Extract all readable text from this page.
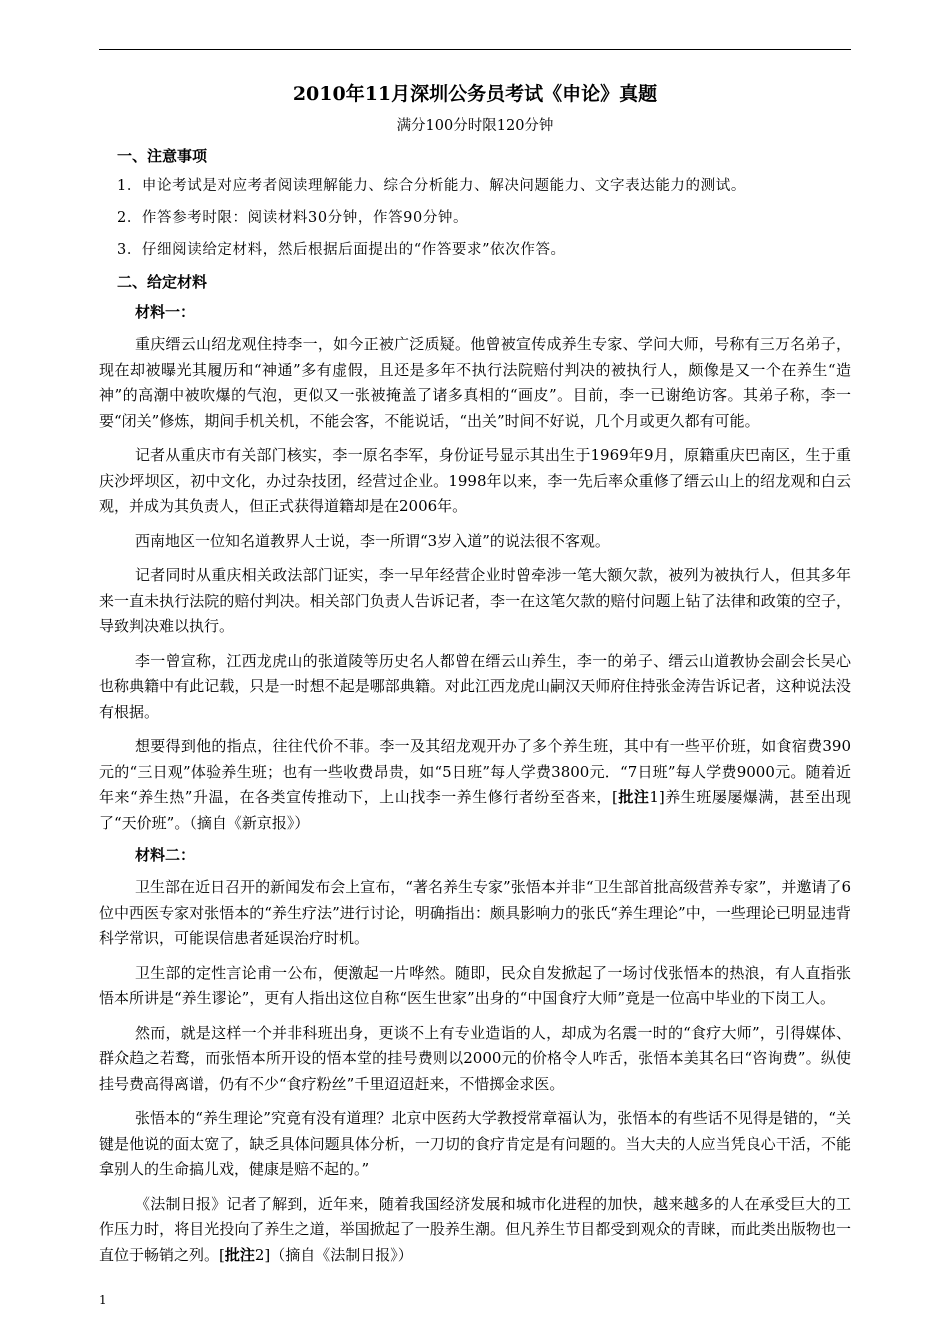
2010年11月深圳公务员考试《申论》真题
满分100分时限120分钟
一、注意事项
1．申论考试是对应考者阅读理解能力、综合分析能力、解决问题能力、文字表达能力的测试。
2．作答参考时限：阅读材料30分钟，作答90分钟。
3．仔细阅读给定材料，然后根据后面提出的“作答要求”依次作答。
二、给定材料
材料一：

重庆缙云山绍龙观住持李一，如今正被广泛质疑。他曾被宣传成养生专家、学问大师，号称有三万名弟子，现在却被曝光其履历和“神通”多有虚假，且还是多年不执行法院赔付判决的被执行人，颇像是又一个在养生“造神”的高潮中被吹爆的气泡，更似又一张被掩盖了诸多真相的“画皮”。目前，李一已谢绝访客。其弟子称，李一要“闭关”修炼，期间手机关机，不能会客，不能说话，“出关”时间不好说，几个月或更久都有可能。

记者从重庆市有关部门核实，李一原名李军，身份证号显示其出生于1969年9月，原籍重庆巴南区，生于重庆沙坪坝区，初中文化，办过杂技团，经营过企业。1998年以来，李一先后率众重修了缙云山上的绍龙观和白云观，并成为其负责人，但正式获得道籍却是在2006年。

西南地区一位知名道教界人士说，李一所谓“3岁入道”的说法很不客观。

记者同时从重庆相关政法部门证实，李一早年经营企业时曾牵涉一笔大额欠款，被列为被执行人，但其多年来一直未执行法院的赔付判决。相关部门负责人告诉记者，李一在这笔欠款的赔付问题上钻了法律和政策的空子，导致判决难以执行。

李一曾宣称，江西龙虎山的张道陵等历史名人都曾在缙云山养生，李一的弟子、缙云山道教协会副会长吴心也称典籍中有此记载，只是一时想不起是哪部典籍。对此江西龙虎山嗣汉天师府住持张金涛告诉记者，这种说法没有根据。

想要得到他的指点，往往代价不菲。李一及其绍龙观开办了多个养生班，其中有一些平价班，如食宿费390元的“三日观”体验养生班；也有一些收费昂贵，如“5日班”每人学费3800元．“7日班”每人学费9000元。随着近年来“养生热”升温，在各类宣传推动下，上山找李一养生修行者纷至沓来，[批注1]养生班屡屡爆满，甚至出现了“天价班”。（摘自《新京报》）

材料二：

卫生部在近日召开的新闻发布会上宣布，“著名养生专家”张悟本并非“卫生部首批高级营养专家”，并邀请了6位中西医专家对张悟本的“养生疗法”进行讨论，明确指出：颇具影响力的张氏“养生理论”中，一些理论已明显违背科学常识，可能误信患者延误治疗时机。

卫生部的定性言论甫一公布，便激起一片哗然。随即，民众自发掀起了一场讨伐张悟本的热浪，有人直指张悟本所讲是“养生谬论”，更有人指出这位自称“医生世家”出身的“中国食疗大师”竟是一位高中毕业的下岗工人。

然而，就是这样一个并非科班出身，更谈不上有专业造诣的人，却成为名震一时的“食疗大师”，引得媒体、群众趋之若鹜，而张悟本所开设的悟本堂的挂号费则以2000元的价格令人咋舌，张悟本美其名曰“咨询费”。纵使挂号费高得离谱，仍有不少“食疗粉丝”千里迢迢赶来，不惜掷金求医。

张悟本的“养生理论”究竟有没有道理？北京中医药大学教授常章福认为，张悟本的有些话不见得是错的，“关键是他说的面太宽了，缺乏具体问题具体分析，一刀切的食疗肯定是有问题的。当大夫的人应当凭良心干活，不能拿别人的生命搞儿戏，健康是赔不起的。”

《法制日报》记者了解到，近年来，随着我国经济发展和城市化进程的加快，越来越多的人在承受巨大的工作压力时，将目光投向了养生之道，举国掀起了一股养生潮。但凡养生节目都受到观众的青睐，而此类出版物也一直位于畅销之列。[批注2]（摘自《法制日报》）

1
